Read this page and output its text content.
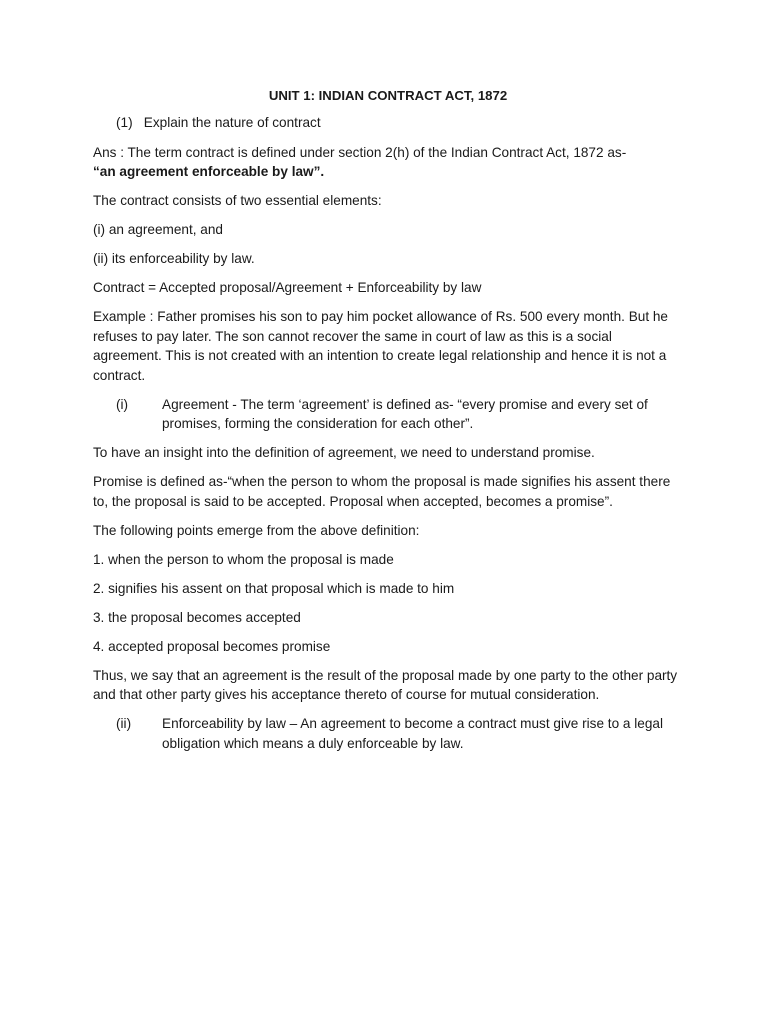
UNIT 1: INDIAN CONTRACT ACT, 1872
(1) Explain the nature of contract

Ans : The term contract is defined under section 2(h) of the Indian Contract Act, 1872 as-
“an agreement enforceable by law”.

The contract consists of two essential elements:

(i) an agreement, and

(ii) its enforceability by law.

Contract = Accepted proposal/Agreement + Enforceability by law

Example : Father promises his son to pay him pocket allowance of Rs. 500 every month. But he refuses to pay later. The son cannot recover the same in court of law as this is a social agreement. This is not created with an intention to create legal relationship and hence it is not a contract.

(i)	Agreement - The term ‘agreement’ is defined as- “every promise and every set of promises, forming the consideration for each other”.

To have an insight into the definition of agreement, we need to understand promise.

Promise is defined as-“when the person to whom the proposal is made signifies his assent there to, the proposal is said to be accepted. Proposal when accepted, becomes a promise”.

The following points emerge from the above definition:

1. when the person to whom the proposal is made

2. signifies his assent on that proposal which is made to him

3. the proposal becomes accepted

4. accepted proposal becomes promise

Thus, we say that an agreement is the result of the proposal made by one party to the other party and that other party gives his acceptance thereto of course for mutual consideration.

(ii)	Enforceability by law – An agreement to become a contract must give rise to a legal obligation which means a duly enforceable by law.
